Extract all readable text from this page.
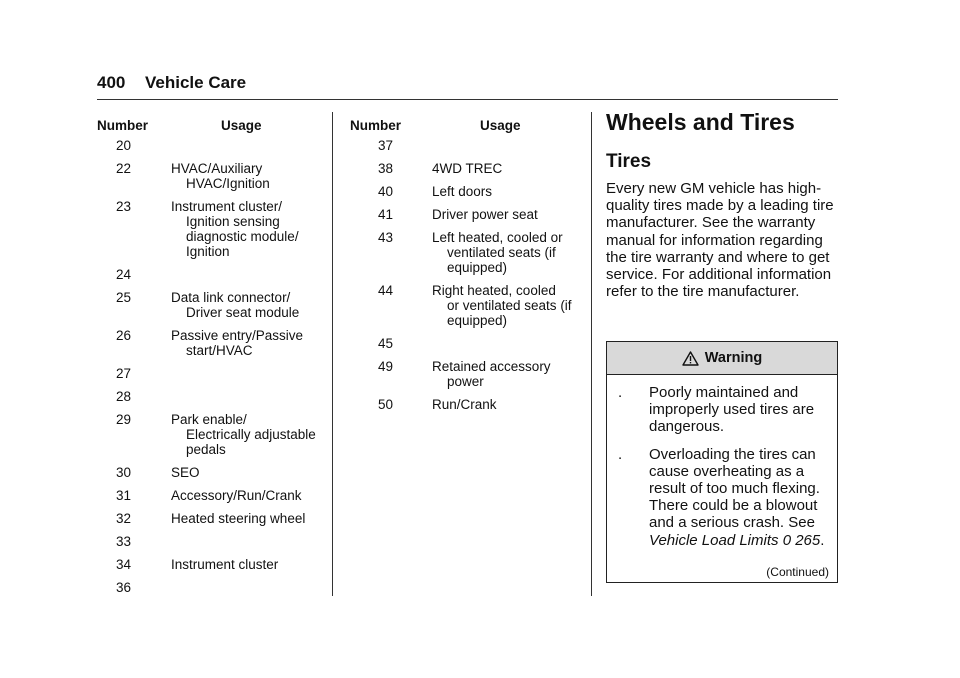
400 Vehicle Care
Number	Usage
20
22	HVAC/Auxiliary
HVAC/Ignition
23	Instrument cluster/
Ignition sensing diagnostic module/ Ignition
24
25	Data link connector/
Driver seat module
26	Passive entry/Passive
start/HVAC
27
28
29	Park enable/
Electrically adjustable pedals
30	SEO
31	Accessory/Run/Crank
32	Heated steering wheel
33
34	Instrument cluster
36
Number	Usage
37
38	4WD TREC
40	Left doors
41	Driver power seat
43	Left heated, cooled or
ventilated seats (if equipped)
44	Right heated, cooled
or ventilated seats (if equipped)
45
49	Retained accessory
power
50	Run/Crank
Wheels and Tires
Tires

Every new GM vehicle has high-quality tires made by a leading tire manufacturer. See the warranty manual for information regarding the tire warranty and where to get service. For additional information refer to the tire manufacturer.

Warning
.	Poorly maintained and improperly used tires are dangerous.
.	Overloading the tires can cause overheating as a result of too much flexing. There could be a blowout and a serious crash. See Vehicle Load Limits 0 265.
(Continued)
